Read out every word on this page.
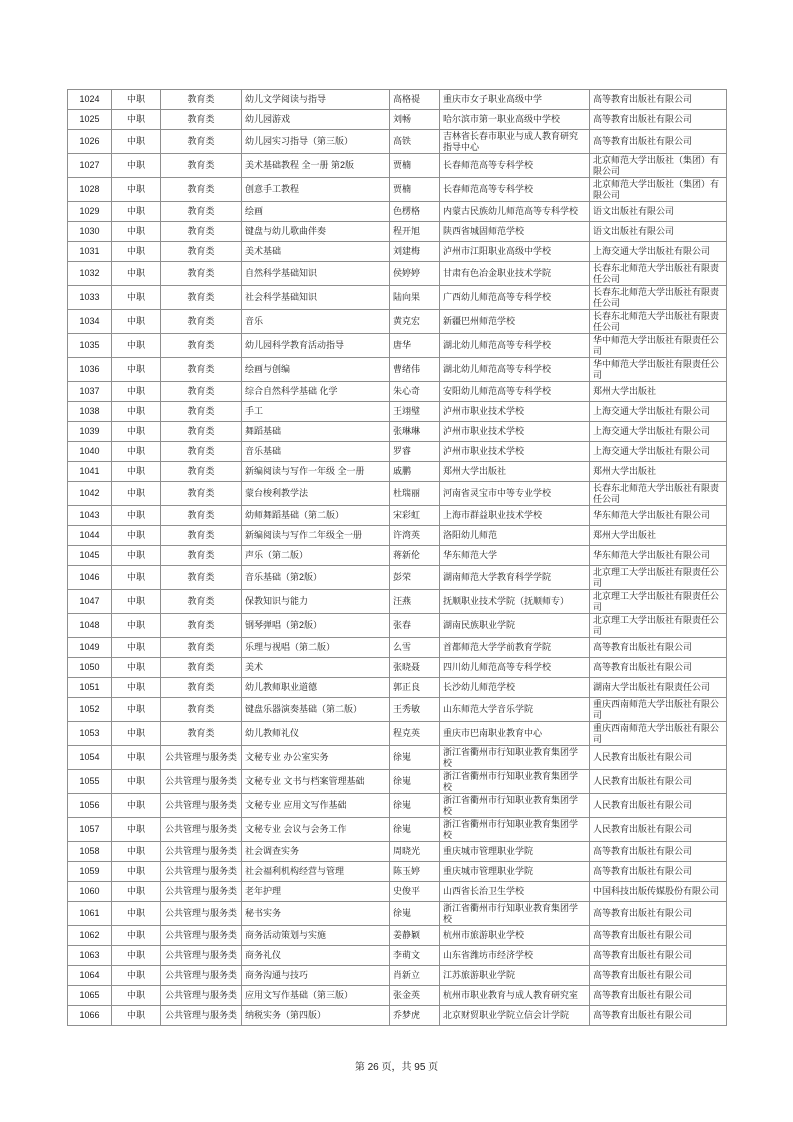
1024	中职	教育类	幼儿文学阅读与指导	高格禔	重庆市女子职业高级中学	高等教育出版社有限公司
1025	中职	教育类	幼儿园游戏	刘畅	哈尔滨市第一职业高级中学校	高等教育出版社有限公司
1026	中职	教育类	幼儿园实习指导（第三版）	高铁	吉林省长春市职业与成人教育研究指导中心	高等教育出版社有限公司
1027	中职	教育类	美术基础教程 全一册 第2版	贾楠	长春师范高等专科学校	北京师范大学出版社（集团）有限公司
1028	中职	教育类	创意手工教程	贾楠	长春师范高等专科学校	北京师范大学出版社（集团）有限公司
1029	中职	教育类	绘画	色楞格	内蒙古民族幼儿师范高等专科学校	语文出版社有限公司
1030	中职	教育类	键盘与幼儿歌曲伴奏	程开旭	陕西省城固师范学校	语文出版社有限公司
1031	中职	教育类	美术基础	刘建梅	泸州市江阳职业高级中学校	上海交通大学出版社有限公司
1032	中职	教育类	自然科学基础知识	侯婷婷	甘肃有色冶金职业技术学院	长春东北师范大学出版社有限责任公司
1033	中职	教育类	社会科学基础知识	陆向果	广西幼儿师范高等专科学校	长春东北师范大学出版社有限责任公司
1034	中职	教育类	音乐	黄克宏	新疆巴州师范学校	长春东北师范大学出版社有限责任公司
1035	中职	教育类	幼儿园科学教育活动指导	唐华	湖北幼儿师范高等专科学校	华中师范大学出版社有限责任公司
1036	中职	教育类	绘画与创编	曹绪伟	湖北幼儿师范高等专科学校	华中师范大学出版社有限责任公司
1037	中职	教育类	综合自然科学基础 化学	朱心奇	安阳幼儿师范高等专科学校	郑州大学出版社
1038	中职	教育类	手工	王翊璧	泸州市职业技术学校	上海交通大学出版社有限公司
1039	中职	教育类	舞蹈基础	张琳琳	泸州市职业技术学校	上海交通大学出版社有限公司
1040	中职	教育类	音乐基础	罗睿	泸州市职业技术学校	上海交通大学出版社有限公司
1041	中职	教育类	新编阅读与写作一年级 全一册	戚鹏	郑州大学出版社	郑州大学出版社
1042	中职	教育类	蒙台梭利教学法	杜瑞丽	河南省灵宝市中等专业学校	长春东北师范大学出版社有限责任公司
1043	中职	教育类	幼师舞蹈基础（第二版）	宋彩虹	上海市群益职业技术学校	华东师范大学出版社有限公司
1044	中职	教育类	新编阅读与写作二年级全一册	许湾英	洛阳幼儿师范	郑州大学出版社
1045	中职	教育类	声乐（第二版）	蒋新伦	华东师范大学	华东师范大学出版社有限公司
1046	中职	教育类	音乐基础（第2版）	彭荣	湖南师范大学教育科学学院	北京理工大学出版社有限责任公司
1047	中职	教育类	保教知识与能力	汪燕	抚顺职业技术学院（抚顺师专）	北京理工大学出版社有限责任公司
1048	中职	教育类	钢琴弹唱（第2版）	张春	湖南民族职业学院	北京理工大学出版社有限责任公司
1049	中职	教育类	乐理与视唱（第二版）	么雪	首都师范大学学前教育学院	高等教育出版社有限公司
1050	中职	教育类	美术	张晓聂	四川幼儿师范高等专科学校	高等教育出版社有限公司
1051	中职	教育类	幼儿教师职业道德	郭正良	长沙幼儿师范学校	湖南大学出版社有限责任公司
1052	中职	教育类	键盘乐器演奏基础（第二版）	王秀敏	山东师范大学音乐学院	重庆西南师范大学出版社有限公司
1053	中职	教育类	幼儿教师礼仪	程克英	重庆市巴南职业教育中心	重庆西南师范大学出版社有限公司
1054	中职	公共管理与服务类	文秘专业 办公室实务	徐嵬	浙江省衢州市行知职业教育集团学校	人民教育出版社有限公司
1055	中职	公共管理与服务类	文秘专业 文书与档案管理基础	徐嵬	浙江省衢州市行知职业教育集团学校	人民教育出版社有限公司
1056	中职	公共管理与服务类	文秘专业 应用文写作基础	徐嵬	浙江省衢州市行知职业教育集团学校	人民教育出版社有限公司
1057	中职	公共管理与服务类	文秘专业 会议与会务工作	徐嵬	浙江省衢州市行知职业教育集团学校	人民教育出版社有限公司
1058	中职	公共管理与服务类	社会调查实务	周晓光	重庆城市管理职业学院	高等教育出版社有限公司
1059	中职	公共管理与服务类	社会福利机构经营与管理	陈玉婷	重庆城市管理职业学院	高等教育出版社有限公司
1060	中职	公共管理与服务类	老年护理	史俊平	山西省长治卫生学校	中国科技出版传媒股份有限公司
1061	中职	公共管理与服务类	秘书实务	徐嵬	浙江省衢州市行知职业教育集团学校	高等教育出版社有限公司
1062	中职	公共管理与服务类	商务活动策划与实施	姜静颖	杭州市旅游职业学校	高等教育出版社有限公司
1063	中职	公共管理与服务类	商务礼仪	李萌文	山东省潍坊市经济学校	高等教育出版社有限公司
1064	中职	公共管理与服务类	商务沟通与技巧	肖新立	江苏旅游职业学院	高等教育出版社有限公司
1065	中职	公共管理与服务类	应用文写作基础（第三版）	张金英	杭州市职业教育与成人教育研究室	高等教育出版社有限公司
1066	中职	公共管理与服务类	纳税实务（第四版）	乔梦虎	北京财贸职业学院立信会计学院	高等教育出版社有限公司
第 26 页，共 95 页
